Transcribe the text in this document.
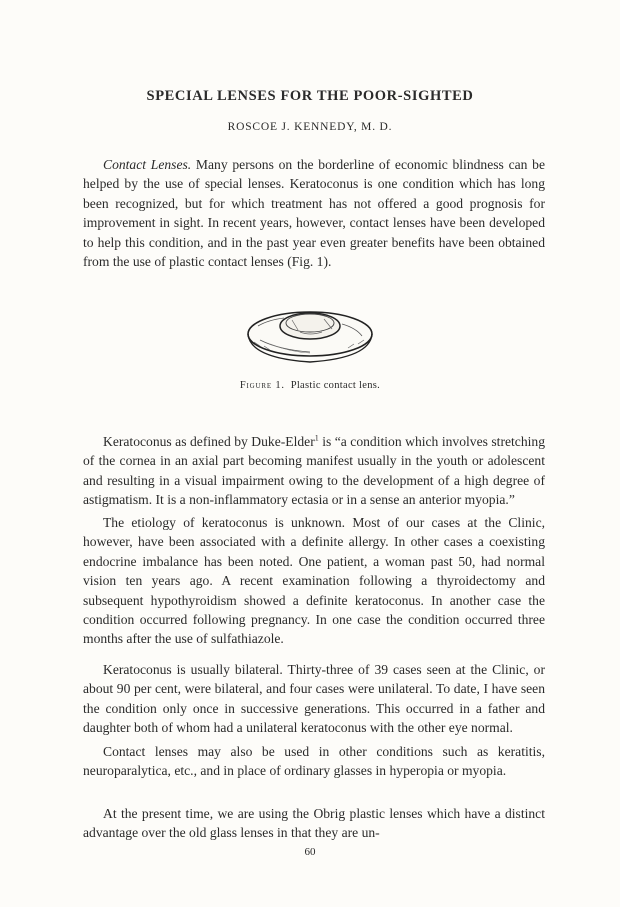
SPECIAL LENSES FOR THE POOR-SIGHTED
ROSCOE J. KENNEDY, M. D.

Contact Lenses. Many persons on the borderline of economic blindness can be helped by the use of special lenses. Keratoconus is one condition which has long been recognized, but for which treatment has not offered a good prognosis for improvement in sight. In recent years, however, contact lenses have been developed to help this condition, and in the past year even greater benefits have been obtained from the use of plastic contact lenses (Fig. 1).

Figure 1. Plastic contact lens.

Keratoconus as defined by Duke-Elder$^1$ is “a condition which involves stretching of the cornea in an axial part becoming manifest usually in the youth or adolescent and resulting in a visual impairment owing to the development of a high degree of astigmatism. It is a non-inflammatory ectasia or in a sense an anterior myopia.”

The etiology of keratoconus is unknown. Most of our cases at the Clinic, however, have been associated with a definite allergy. In other cases a coexisting endocrine imbalance has been noted. One patient, a woman past 50, had normal vision ten years ago. A recent examination following a thyroidectomy and subsequent hypothyroidism showed a definite keratoconus. In another case the condition occurred following pregnancy. In one case the condition occurred three months after the use of sulfathiazole.

Keratoconus is usually bilateral. Thirty-three of 39 cases seen at the Clinic, or about 90 per cent, were bilateral, and four cases were unilateral. To date, I have seen the condition only once in successive generations. This occurred in a father and daughter both of whom had a unilateral keratoconus with the other eye normal.

Contact lenses may also be used in other conditions such as keratitis, neuroparalytica, etc., and in place of ordinary glasses in hyperopia or myopia.

At the present time, we are using the Obrig plastic lenses which have a distinct advantage over the old glass lenses in that they are un-

60
